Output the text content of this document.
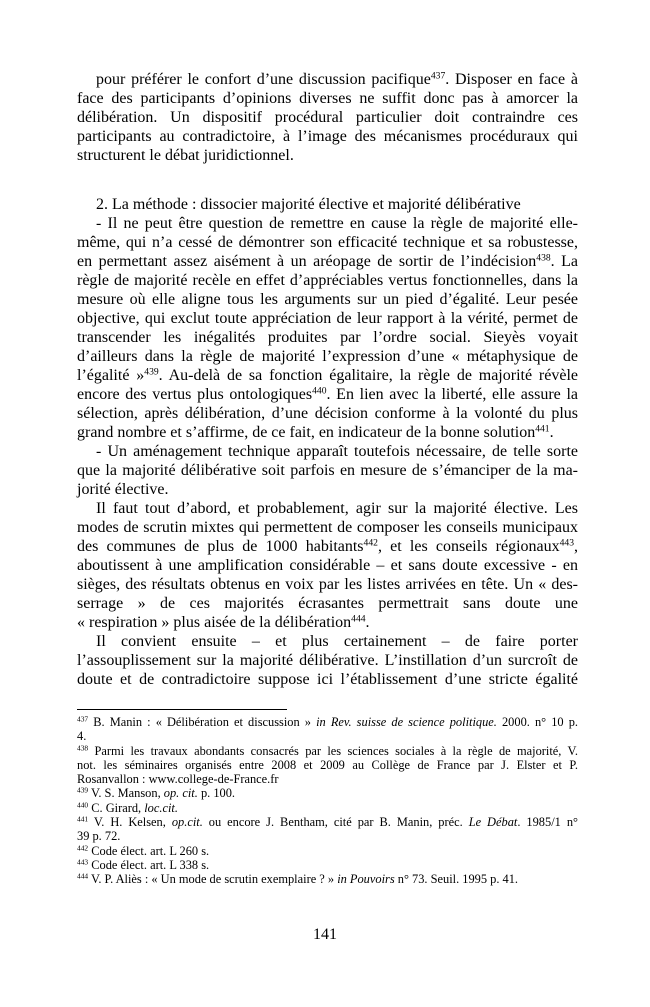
pour préférer le confort d’une discussion pacifique$^{437}$. Disposer en face à
face des participants d’opinions diverses ne suffit donc pas à amorcer la
délibération. Un dispositif procédural particulier doit contraindre ces
participants au contradictoire, à l’image des mécanismes procéduraux qui
structurent le débat juridictionnel.
2. La méthode : dissocier majorité élective et majorité délibérative
- Il ne peut être question de remettre en cause la règle de majorité elle-
même, qui n’a cessé de démontrer son efficacité technique et sa robustesse,
en permettant assez aisément à un aréopage de sortir de l’indécision$^{438}$. La
règle de majorité recèle en effet d’appréciables vertus fonctionnelles, dans la
mesure où elle aligne tous les arguments sur un pied d’égalité. Leur pesée
objective, qui exclut toute appréciation de leur rapport à la vérité, permet de
transcender les inégalités produites par l’ordre social. Sieyès voyait
d’ailleurs dans la règle de majorité l’expression d’une « métaphysique de
l’égalité »$^{439}$. Au-delà de sa fonction égalitaire, la règle de majorité révèle
encore des vertus plus ontologiques$^{440}$. En lien avec la liberté, elle assure la
sélection, après délibération, d’une décision conforme à la volonté du plus
grand nombre et s’affirme, de ce fait, en indicateur de la bonne solution$^{441}$.
- Un aménagement technique apparaît toutefois nécessaire, de telle sorte
que la majorité délibérative soit parfois en mesure de s’émanciper de la ma-
jorité élective.
Il faut tout d’abord, et probablement, agir sur la majorité élective. Les
modes de scrutin mixtes qui permettent de composer les conseils municipaux
des communes de plus de 1000 habitants$^{442}$, et les conseils régionaux$^{443}$,
aboutissent à une amplification considérable – et sans doute excessive - en
sièges, des résultats obtenus en voix par les listes arrivées en tête. Un « des-
serrage » de ces majorités écrasantes permettrait sans doute une
« respiration » plus aisée de la délibération$^{444}$.
Il convient ensuite – et plus certainement – de faire porter
l’assouplissement sur la majorité délibérative. L’instillation d’un surcroît de
doute et de contradictoire suppose ici l’établissement d’une stricte égalité
$^{437}$ B. Manin : « Délibération et discussion » in Rev. suisse de science politique. 2000. n° 10 p.
4.
$^{438}$ Parmi les travaux abondants consacrés par les sciences sociales à la règle de majorité, V.
not. les séminaires organisés entre 2008 et 2009 au Collège de France par J. Elster et P.
Rosanvallon : www.college-de-France.fr
$^{439}$ V. S. Manson, op. cit. p. 100.
$^{440}$ C. Girard, loc.cit.
$^{441}$ V. H. Kelsen, op.cit. ou encore J. Bentham, cité par B. Manin, préc. Le Débat. 1985/1 n°
39 p. 72.
$^{442}$ Code élect. art. L 260 s.
$^{443}$ Code élect. art. L 338 s.
$^{444}$ V. P. Aliès : « Un mode de scrutin exemplaire ? » in Pouvoirs n° 73. Seuil. 1995 p. 41.
141
